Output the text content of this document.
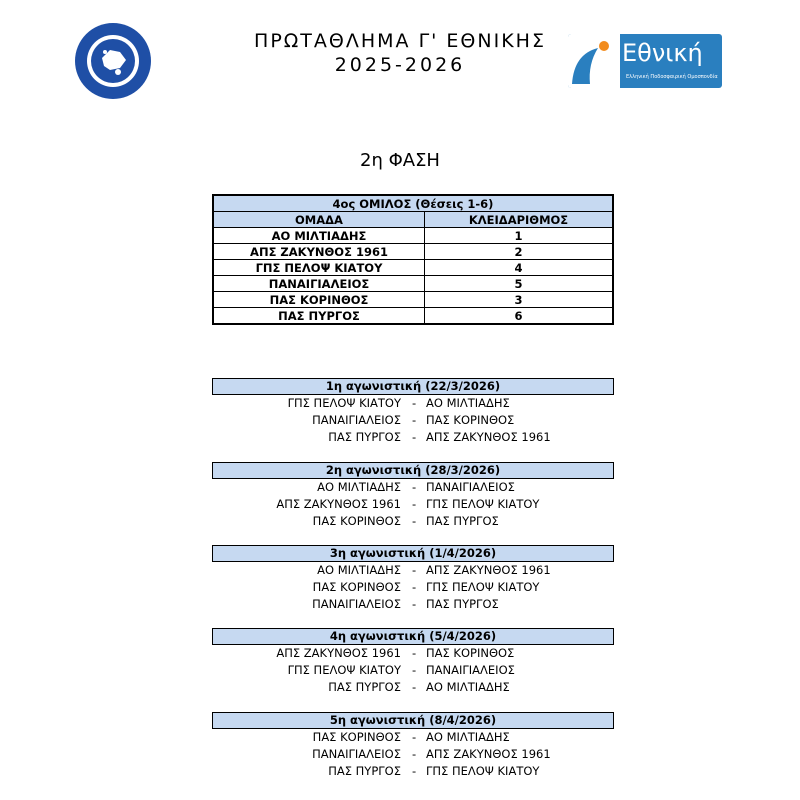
ΠΡΩΤΑΘΛΗΜΑ Γ' ΕΘΝΙΚΗΣ
2025-2026	Εθνική
Ελληνική Ποδοσφαιρική Ομοσπονδία
2η ΦΑΣΗ
4ος ΟΜΙΛΟΣ (Θέσεις 1-6)	
ΟΜΑΔΑ	ΚΛΕΙΔΑΡΙΘΜΟΣ
ΑΟ ΜΙΛΤΙΑΔΗΣ	1
ΑΠΣ ΖΑΚΥΝΘΟΣ 1961	2
ΓΠΣ ΠΕΛΟΨ ΚΙΑΤΟΥ	4
ΠΑΝΑΙΓΙΑΛΕΙΟΣ	5
ΠΑΣ ΚΟΡΙΝΘΟΣ	3
ΠΑΣ ΠΥΡΓΟΣ	6
1η αγωνιστική (22/3/2026)
ΓΠΣ ΠΕΛΟΨ ΚΙΑΤΟΥ - ΑΟ ΜΙΛΤΙΑΔΗΣ
ΠΑΝΑΙΓΙΑΛΕΙΟΣ - ΠΑΣ ΚΟΡΙΝΘΟΣ
ΠΑΣ ΠΥΡΓΟΣ - ΑΠΣ ΖΑΚΥΝΘΟΣ 1961
2η αγωνιστική (28/3/2026)
ΑΟ ΜΙΛΤΙΑΔΗΣ - ΠΑΝΑΙΓΙΑΛΕΙΟΣ
ΑΠΣ ΖΑΚΥΝΘΟΣ 1961 - ΓΠΣ ΠΕΛΟΨ ΚΙΑΤΟΥ
ΠΑΣ ΚΟΡΙΝΘΟΣ - ΠΑΣ ΠΥΡΓΟΣ
3η αγωνιστική (1/4/2026)
ΑΟ ΜΙΛΤΙΑΔΗΣ - ΑΠΣ ΖΑΚΥΝΘΟΣ 1961
ΠΑΣ ΚΟΡΙΝΘΟΣ - ΓΠΣ ΠΕΛΟΨ ΚΙΑΤΟΥ
ΠΑΝΑΙΓΙΑΛΕΙΟΣ - ΠΑΣ ΠΥΡΓΟΣ
4η αγωνιστική (5/4/2026)
ΑΠΣ ΖΑΚΥΝΘΟΣ 1961 - ΠΑΣ ΚΟΡΙΝΘΟΣ
ΓΠΣ ΠΕΛΟΨ ΚΙΑΤΟΥ - ΠΑΝΑΙΓΙΑΛΕΙΟΣ
ΠΑΣ ΠΥΡΓΟΣ - ΑΟ ΜΙΛΤΙΑΔΗΣ
5η αγωνιστική (8/4/2026)
ΠΑΣ ΚΟΡΙΝΘΟΣ - ΑΟ ΜΙΛΤΙΑΔΗΣ
ΠΑΝΑΙΓΙΑΛΕΙΟΣ - ΑΠΣ ΖΑΚΥΝΘΟΣ 1961
ΠΑΣ ΠΥΡΓΟΣ - ΓΠΣ ΠΕΛΟΨ ΚΙΑΤΟΥ
